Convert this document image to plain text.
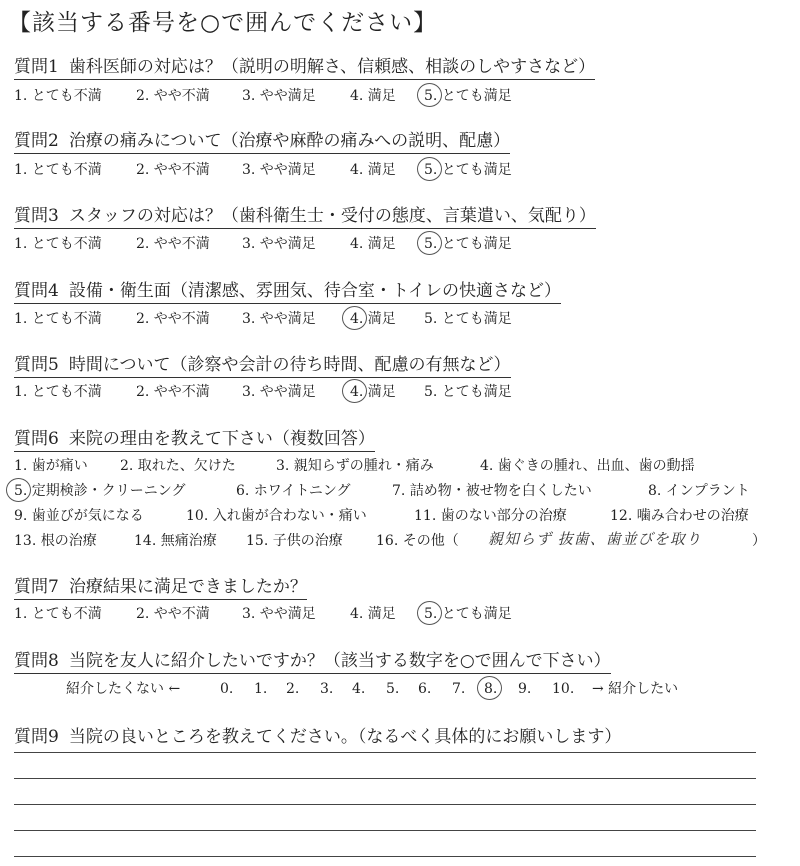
【該当する番号を○で囲んでください】
質問1 歯科医師の対応は？（説明の明解さ、信頼感、相談のしやすさなど）
1. とても不満 2. やや不満 3. やや満足 4. 満足 5. とても満足
質問2 治療の痛みについて（治療や麻酔の痛みへの説明、配慮）
1. とても不満 2. やや不満 3. やや満足 4. 満足 5. とても満足
質問3 スタッフの対応は？（歯科衛生士・受付の態度、言葉遣い、気配り）
1. とても不満 2. やや不満 3. やや満足 4. 満足 5. とても満足
質問4 設備・衛生面（清潔感、雰囲気、待合室・トイレの快適さなど）
1. とても不満 2. やや不満 3. やや満足 4. 満足 5. とても満足
質問5 時間について（診察や会計の待ち時間、配慮の有無など）
1. とても不満 2. やや不満 3. やや満足 4. 満足 5. とても満足
質問6 来院の理由を教えて下さい（複数回答）
1. 歯が痛い 2. 取れた、欠けた	3. 親知らずの腫れ・痛み	4. 歯ぐきの腫れ、出血、歯の動揺
5. 定期検診・クリーニング	6. ホワイトニング	7. 詰め物・被せ物を白くしたい	8. インプラント
9. 歯並びが気になる	10. 入れ歯が合わない・痛い	11. 歯のない部分の治療	12. 噛み合わせの治療
13. 根の治療	14. 無痛治療 15. 子供の治療 16. その他（	）
親知らず 抜歯、歯並びを取り
質問7 治療結果に満足できましたか？
1. とても不満 2. やや不満 3. やや満足 4. 満足 5. とても満足
質問8 当院を友人に紹介したいですか？（該当する数字を○で囲んで下さい）
紹介したくない ←	0. 1. 2. 3. 4. 5. 6. 7. 8. 9. 10. → 紹介したい
質問9 当院の良いところを教えてください。（なるべく具体的にお願いします）
